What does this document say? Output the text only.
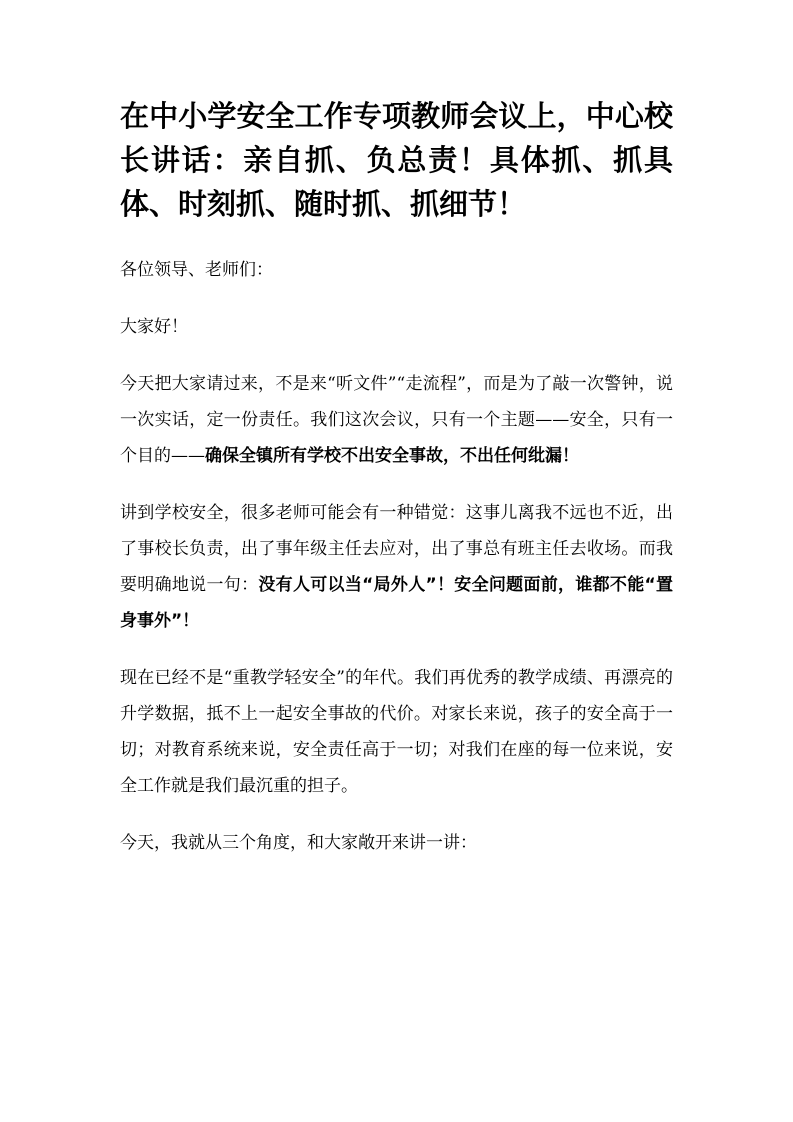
在中小学安全工作专项教师会议上，中心校长讲话：亲自抓、负总责！具体抓、抓具体、时刻抓、随时抓、抓细节！

各位领导、老师们：

大家好！

今天把大家请过来，不是来“听文件”“走流程”，而是为了敲一次警钟，说一次实话，定一份责任。我们这次会议，只有一个主题——安全，只有一个目的——确保全镇所有学校不出安全事故，不出任何纰漏！

讲到学校安全，很多老师可能会有一种错觉：这事儿离我不远也不近，出了事校长负责，出了事年级主任去应对，出了事总有班主任去收场。而我要明确地说一句：没有人可以当“局外人”！安全问题面前，谁都不能“置身事外”！

现在已经不是“重教学轻安全”的年代。我们再优秀的教学成绩、再漂亮的升学数据，抵不上一起安全事故的代价。对家长来说，孩子的安全高于一切；对教育系统来说，安全责任高于一切；对我们在座的每一位来说，安全工作就是我们最沉重的担子。

今天，我就从三个角度，和大家敞开来讲一讲：
